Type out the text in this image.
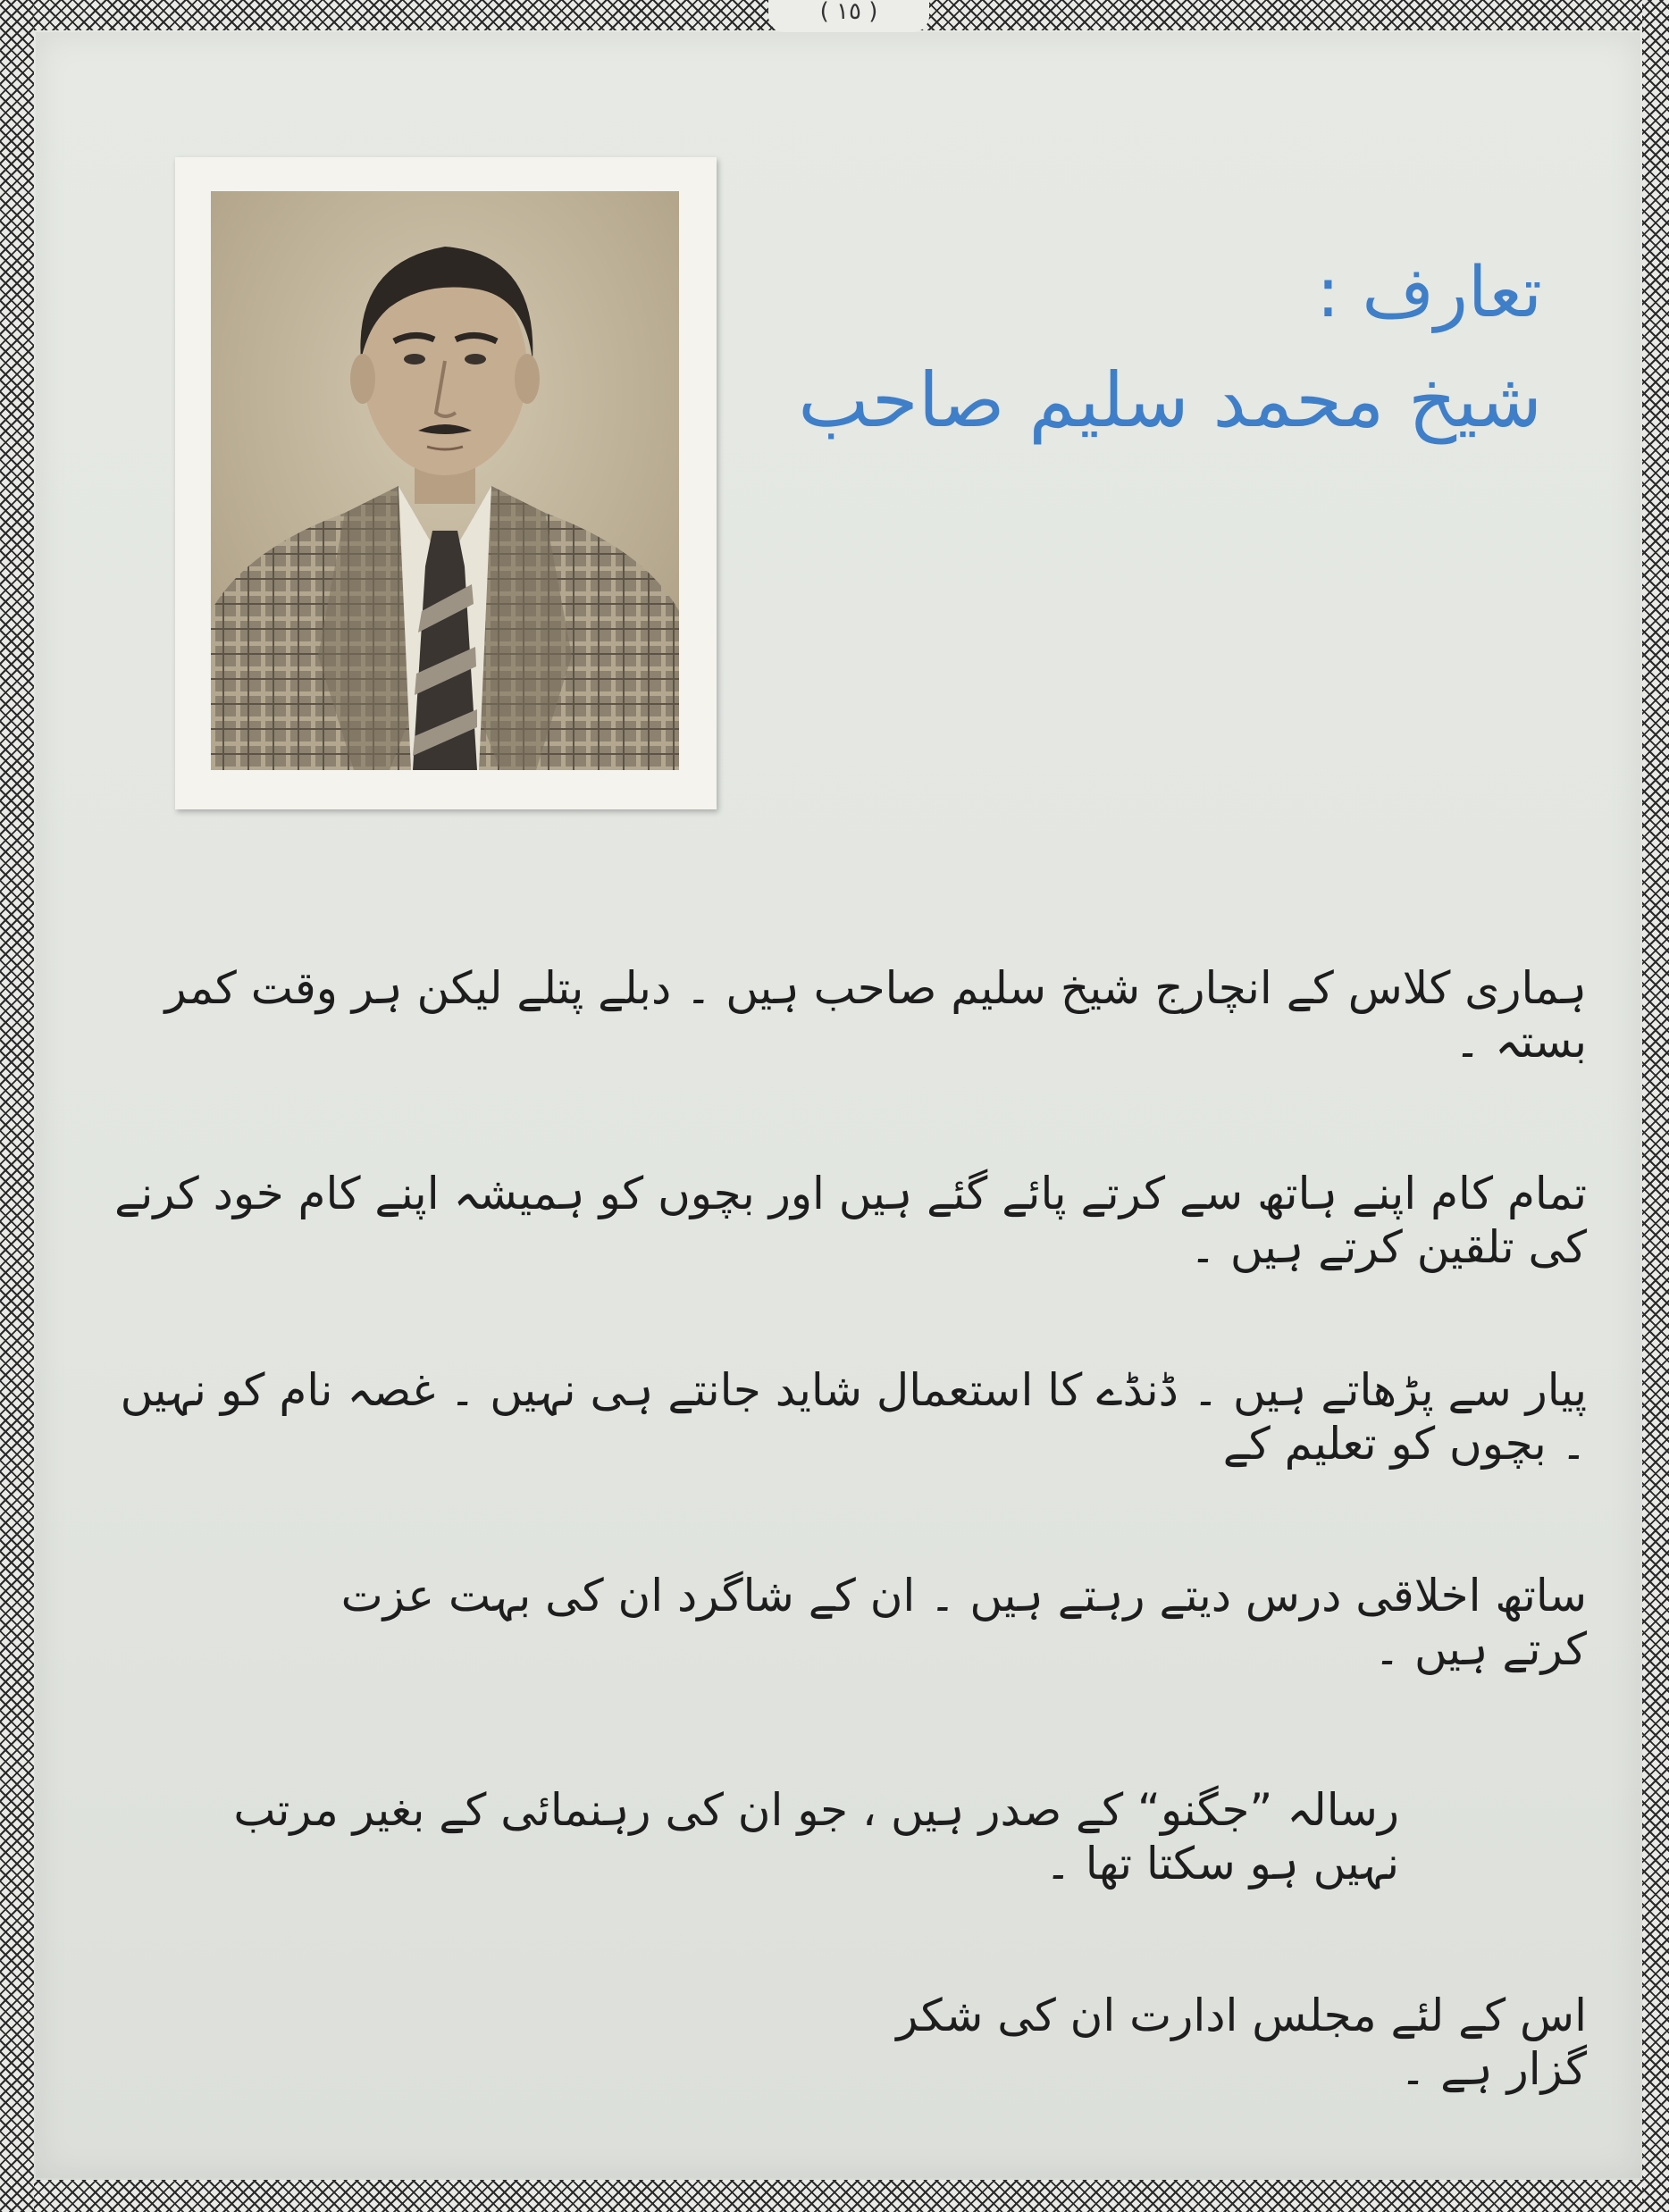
( ١٥ )
تعارف :
شیخ محمد سلیم صاحب
ہماری کلاس کے انچارج شیخ سلیم صاحب ہیں ۔ دبلے پتلے لیکن ہر وقت کمر بستہ ۔
تمام کام اپنے ہاتھ سے کرتے پائے گئے ہیں اور بچوں کو ہمیشہ اپنے کام خود کرنے کی تلقین کرتے ہیں ۔
پیار سے پڑھاتے ہیں ۔ ڈنڈے کا استعمال شاید جانتے ہی نہیں ۔ غصہ نام کو نہیں ۔ بچوں کو تعلیم کے
ساتھ اخلاقی درس دیتے رہتے ہیں ۔ ان کے شاگرد ان کی بہت عزت کرتے ہیں ۔
رسالہ ”جگنو“ کے صدر ہیں ، جو ان کی رہنمائی کے بغیر مرتب نہیں ہو سکتا تھا ۔
اس کے لئے مجلس ادارت ان کی شکر گزار ہے ۔
